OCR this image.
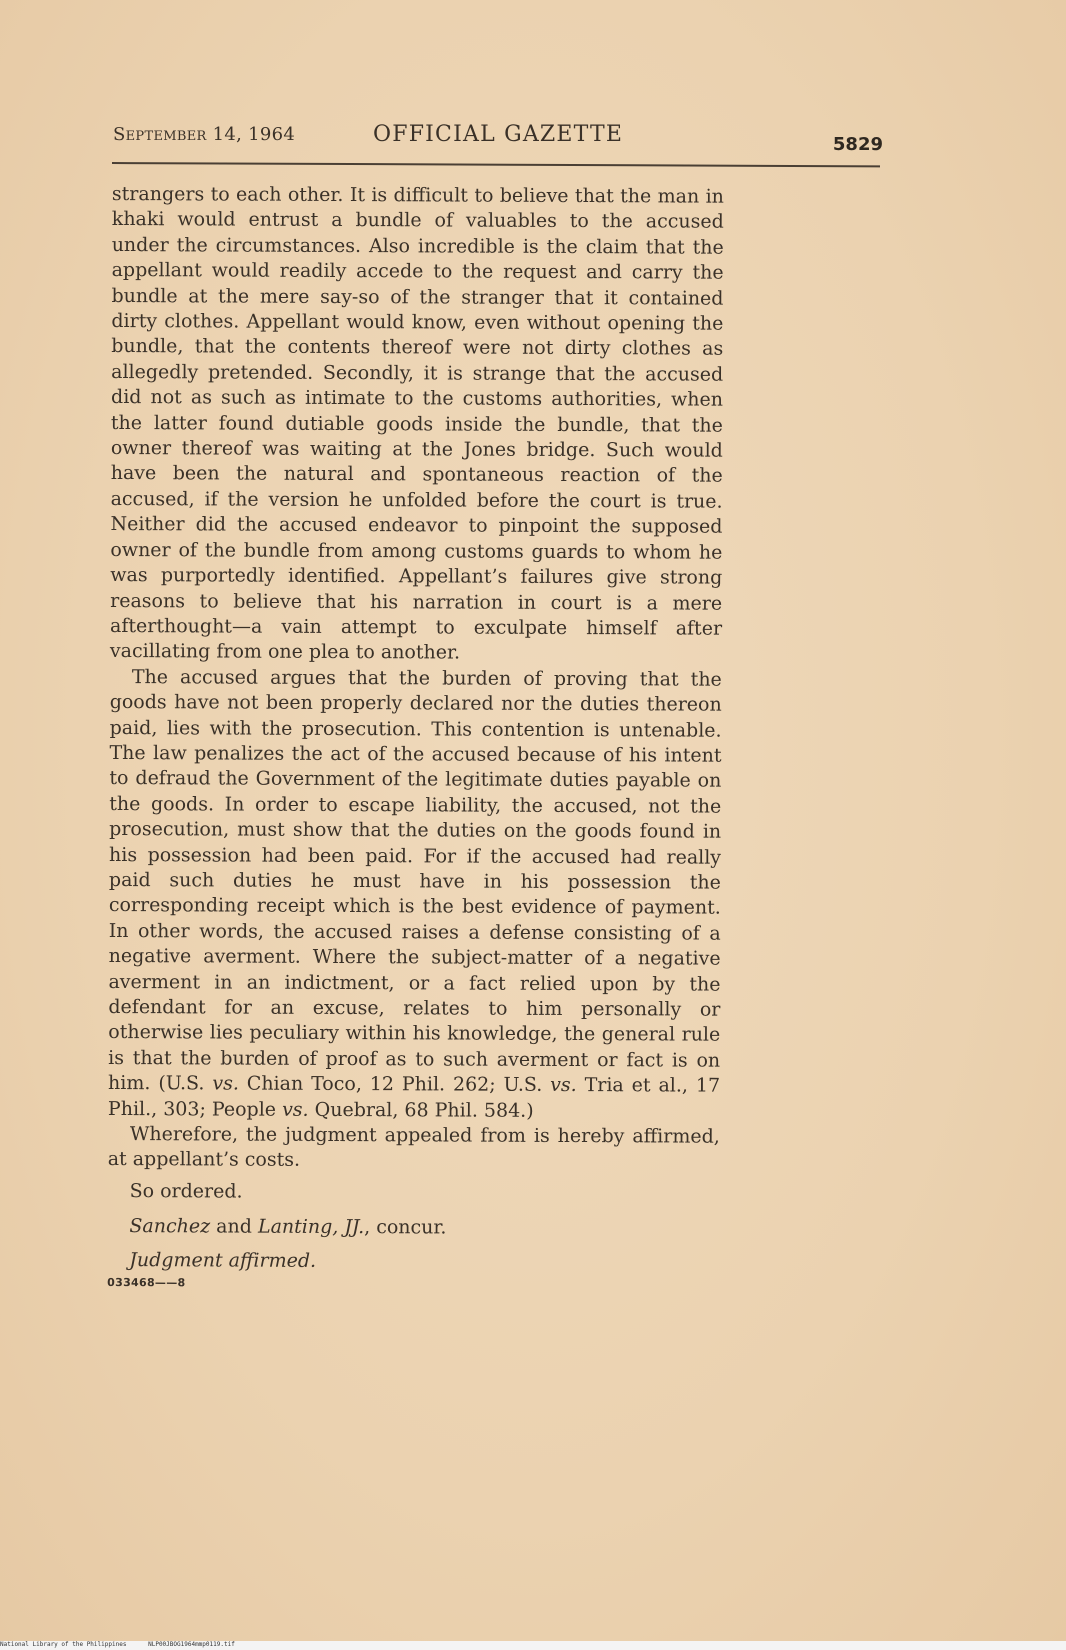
September 14, 1964	OFFICIAL GAZETTE	5829

strangers to each other. It is difficult to believe that the man in khaki would entrust a bundle of valuables to the accused under the circumstances. Also incredible is the claim that the appellant would readily accede to the request and carry the bundle at the mere say-so of the stranger that it contained dirty clothes. Appellant would know, even without opening the bundle, that the contents thereof were not dirty clothes as allegedly pretended. Secondly, it is strange that the accused did not as such as intimate to the customs authorities, when the latter found dutiable goods inside the bundle, that the owner thereof was waiting at the Jones bridge. Such would have been the natural and spontaneous reaction of the accused, if the version he unfolded before the court is true. Neither did the accused endeavor to pinpoint the supposed owner of the bundle from among customs guards to whom he was purportedly identified. Appellant’s failures give strong reasons to believe that his narration in court is a mere afterthought—a vain attempt to exculpate himself after vacillating from one plea to another.

The accused argues that the burden of proving that the goods have not been properly declared nor the duties thereon paid, lies with the prosecution. This contention is untenable. The law penalizes the act of the accused because of his intent to defraud the Government of the legitimate duties payable on the goods. In order to escape liability, the accused, not the prosecution, must show that the duties on the goods found in his possession had been paid. For if the accused had really paid such duties he must have in his possession the corresponding receipt which is the best evidence of payment. In other words, the accused raises a defense consisting of a negative averment. Where the subject-matter of a negative averment in an indictment, or a fact relied upon by the defendant for an excuse, relates to him personally or otherwise lies peculiary within his knowledge, the general rule is that the burden of proof as to such averment or fact is on him. (U.S. vs. Chian Toco, 12 Phil. 262; U.S. vs. Tria et al., 17 Phil., 303; People vs. Quebral, 68 Phil. 584.)

Wherefore, the judgment appealed from is hereby affirmed, at appellant’s costs.

So ordered.

Sanchez and Lanting, JJ., concur.

Judgment affirmed.

033468——8

National Library of the Philippines      NLP00JBOG1964mmp0119.tif
